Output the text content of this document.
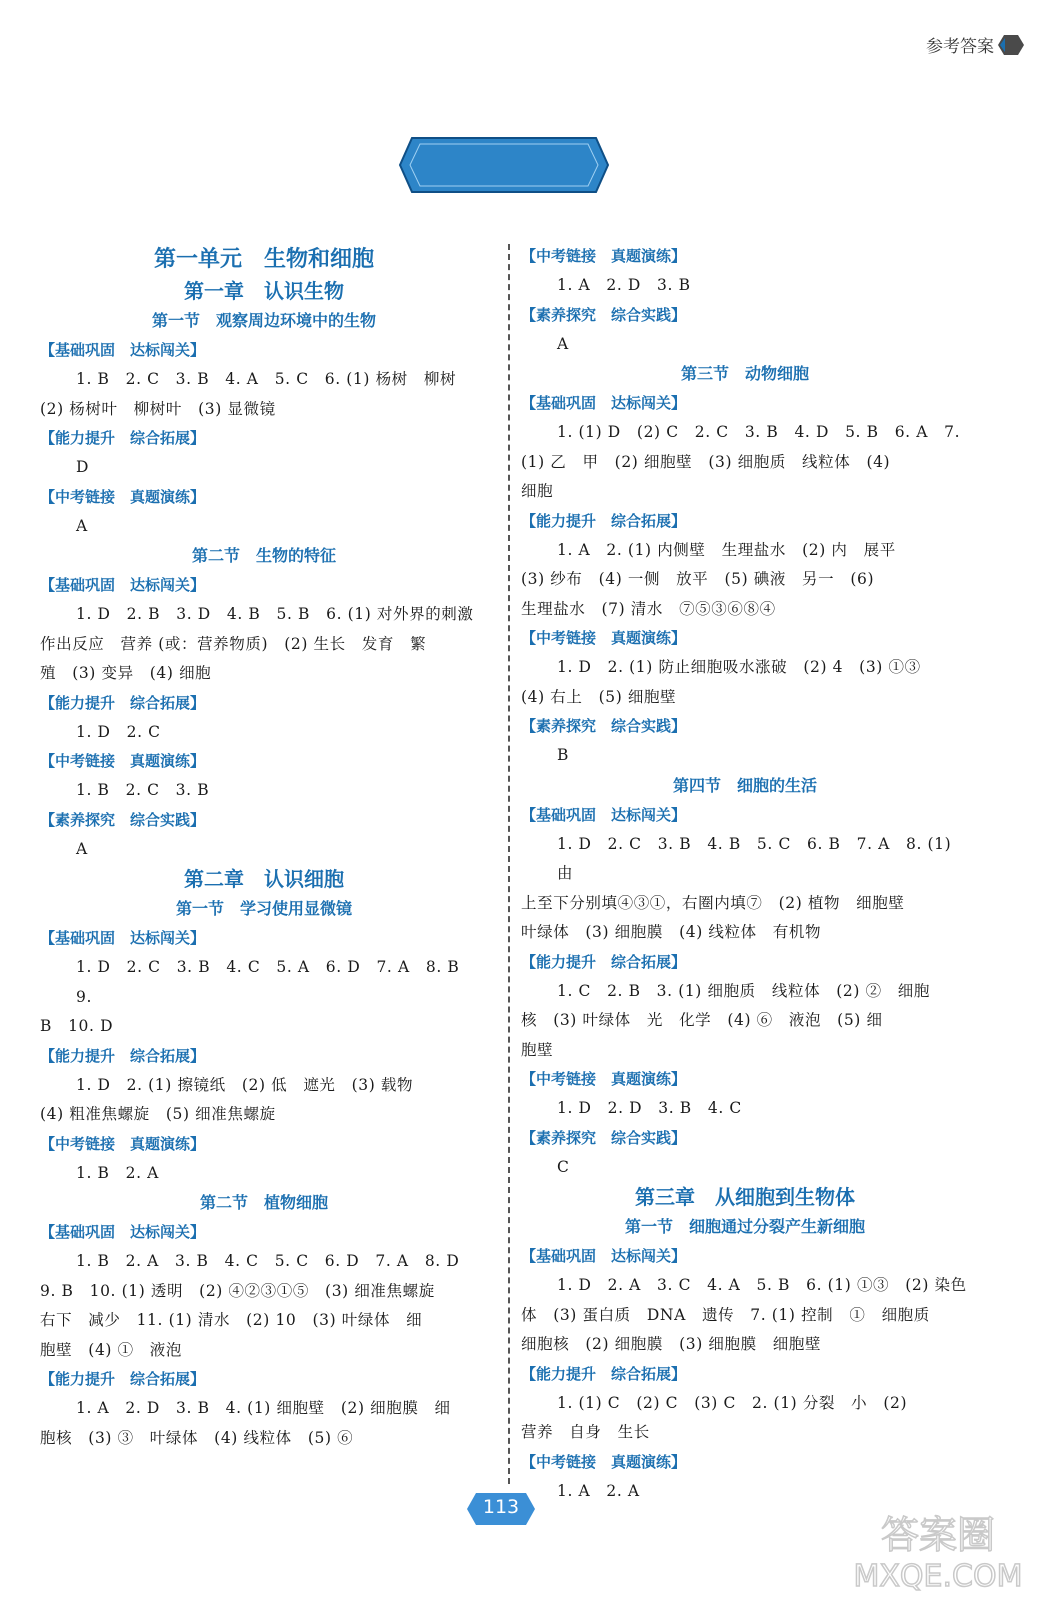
参考答案
参考答案
第一单元　生物和细胞
第一章　认识生物
第一节　观察周边环境中的生物
【基础巩固　达标闯关】
1. B　2. C　3. B　4. A　5. C　6. (1) 杨树　柳树
(2) 杨树叶　柳树叶　(3) 显微镜
【能力提升　综合拓展】
D
【中考链接　真题演练】
A
第二节　生物的特征
【基础巩固　达标闯关】
1. D　2. B　3. D　4. B　5. B　6. (1) 对外界的刺激
作出反应　营养 (或：营养物质)　(2) 生长　发育　繁
殖　(3) 变异　(4) 细胞
【能力提升　综合拓展】
1. D　2. C
【中考链接　真题演练】
1. B　2. C　3. B
【素养探究　综合实践】
A
第二章　认识细胞
第一节　学习使用显微镜
【基础巩固　达标闯关】
1. D　2. C　3. B　4. C　5. A　6. D　7. A　8. B　9.
B　10. D
【能力提升　综合拓展】
1. D　2. (1) 擦镜纸　(2) 低　遮光　(3) 载物
(4) 粗准焦螺旋　(5) 细准焦螺旋
【中考链接　真题演练】
1. B　2. A
第二节　植物细胞
【基础巩固　达标闯关】
1. B　2. A　3. B　4. C　5. C　6. D　7. A　8. D
9. B　10. (1) 透明　(2) ④②③①⑤　(3) 细准焦螺旋
右下　减少　11. (1) 清水　(2) 10　(3) 叶绿体　细
胞壁　(4) ①　液泡
【能力提升　综合拓展】
1. A　2. D　3. B　4. (1) 细胞壁　(2) 细胞膜　细
胞核　(3) ③　叶绿体　(4) 线粒体　(5) ⑥
【中考链接　真题演练】
1. A　2. D　3. B
【素养探究　综合实践】
A
第三节　动物细胞
【基础巩固　达标闯关】
1. (1) D　(2) C　2. C　3. B　4. D　5. B　6. A　7.
(1) 乙　甲　(2) 细胞壁　(3) 细胞质　线粒体　(4)
细胞
【能力提升　综合拓展】
1. A　2. (1) 内侧壁　生理盐水　(2) 内　展平
(3) 纱布　(4) 一侧　放平　(5) 碘液　另一　(6)
生理盐水　(7) 清水　⑦⑤③⑥⑧④
【中考链接　真题演练】
1. D　2. (1) 防止细胞吸水涨破　(2) 4　(3) ①③
(4) 右上　(5) 细胞壁
【素养探究　综合实践】
B
第四节　细胞的生活
【基础巩固　达标闯关】
1. D　2. C　3. B　4. B　5. C　6. B　7. A　8. (1) 由
上至下分别填④③①，右圈内填⑦　(2) 植物　细胞壁
叶绿体　(3) 细胞膜　(4) 线粒体　有机物
【能力提升　综合拓展】
1. C　2. B　3. (1) 细胞质　线粒体　(2) ②　细胞
核　(3) 叶绿体　光　化学　(4) ⑥　液泡　(5) 细
胞壁
【中考链接　真题演练】
1. D　2. D　3. B　4. C
【素养探究　综合实践】
C
第三章　从细胞到生物体
第一节　细胞通过分裂产生新细胞
【基础巩固　达标闯关】
1. D　2. A　3. C　4. A　5. B　6. (1) ①③　(2) 染色
体　(3) 蛋白质　DNA　遗传　7. (1) 控制　①　细胞质
细胞核　(2) 细胞膜　(3) 细胞膜　细胞壁
【能力提升　综合拓展】
1. (1) C　(2) C　(3) C　2. (1) 分裂　小　(2)
营养　自身　生长
【中考链接　真题演练】
1. A　2. A
113
答案圈
MXQE.COM
